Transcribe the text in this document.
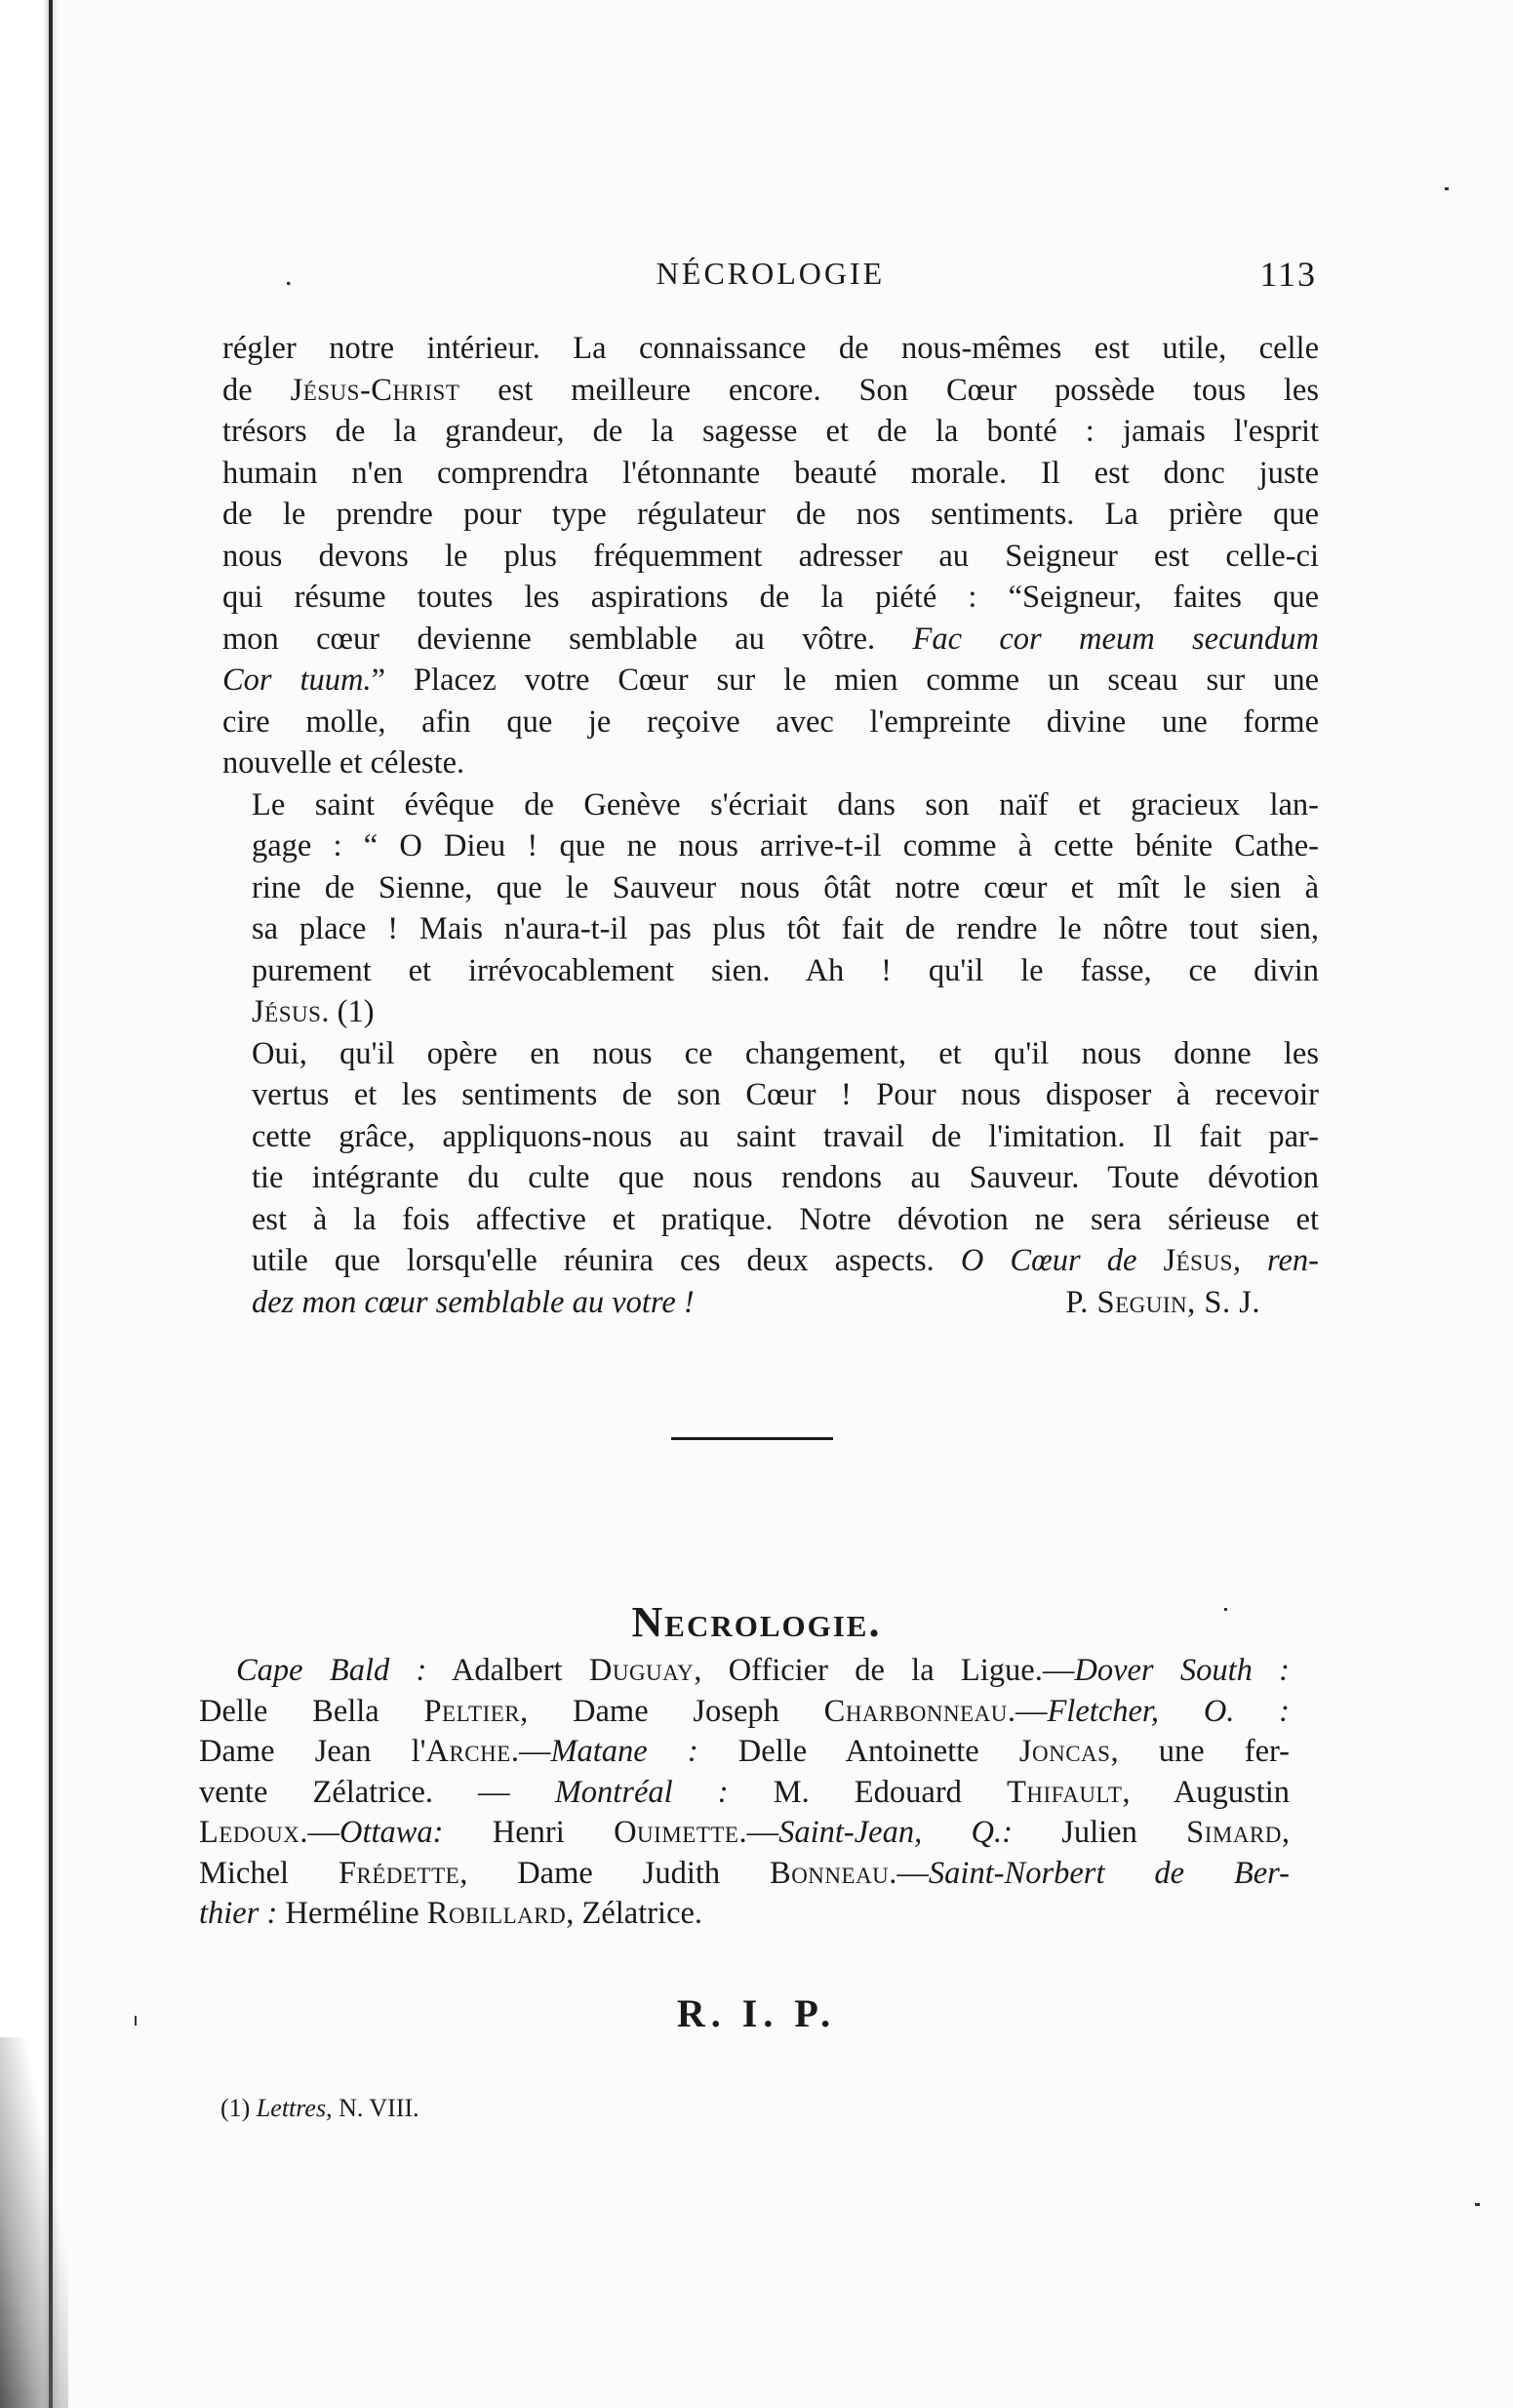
.	NÉCROLOGIE	113

régler notre intérieur. La connaissance de nous-mêmes est utile, celle
de Jésus-Christ est meilleure encore. Son Cœur possède tous les
trésors de la grandeur, de la sagesse et de la bonté : jamais l'esprit
humain n'en comprendra l'étonnante beauté morale. Il est donc juste
de le prendre pour type régulateur de nos sentiments. La prière que
nous devons le plus fréquemment adresser au Seigneur est celle-ci
qui résume toutes les aspirations de la piété : “Seigneur, faites que
mon cœur devienne semblable au vôtre. Fac cor meum secundum
Cor tuum.” Placez votre Cœur sur le mien comme un sceau sur une
cire molle, afin que je reçoive avec l'empreinte divine une forme
nouvelle et céleste.

Le saint évêque de Genève s'écriait dans son naïf et gracieux lan-
gage : “ O Dieu ! que ne nous arrive-t-il comme à cette bénite Cathe-
rine de Sienne, que le Sauveur nous ôtât notre cœur et mît le sien à
sa place ! Mais n'aura-t-il pas plus tôt fait de rendre le nôtre tout sien,
purement et irrévocablement sien. Ah ! qu'il le fasse, ce divin
Jésus. (1)

Oui, qu'il opère en nous ce changement, et qu'il nous donne les
vertus et les sentiments de son Cœur ! Pour nous disposer à recevoir
cette grâce, appliquons-nous au saint travail de l'imitation. Il fait par-
tie intégrante du culte que nous rendons au Sauveur. Toute dévotion
est à la fois affective et pratique. Notre dévotion ne sera sérieuse et
utile que lorsqu'elle réunira ces deux aspects. O Cœur de Jésus, ren-
dez mon cœur semblable au votre !	P. Seguin, S. J.

Necrologie.
Cape Bald : Adalbert Duguay, Officier de la Ligue.—Dover South :
Delle Bella Peltier, Dame Joseph Charbonneau.—Fletcher, O. :
Dame Jean l'Arche.—Matane : Delle Antoinette Joncas, une fer-
vente Zélatrice. — Montréal : M. Edouard Thifault, Augustin
Ledoux.—Ottawa: Henri Ouimette.—Saint-Jean, Q.: Julien Simard,
Michel Frédette, Dame Judith Bonneau.—Saint-Norbert de Ber-
thier : Herméline Robillard, Zélatrice.
R. I. P.
(1) Lettres, N. VIII.
